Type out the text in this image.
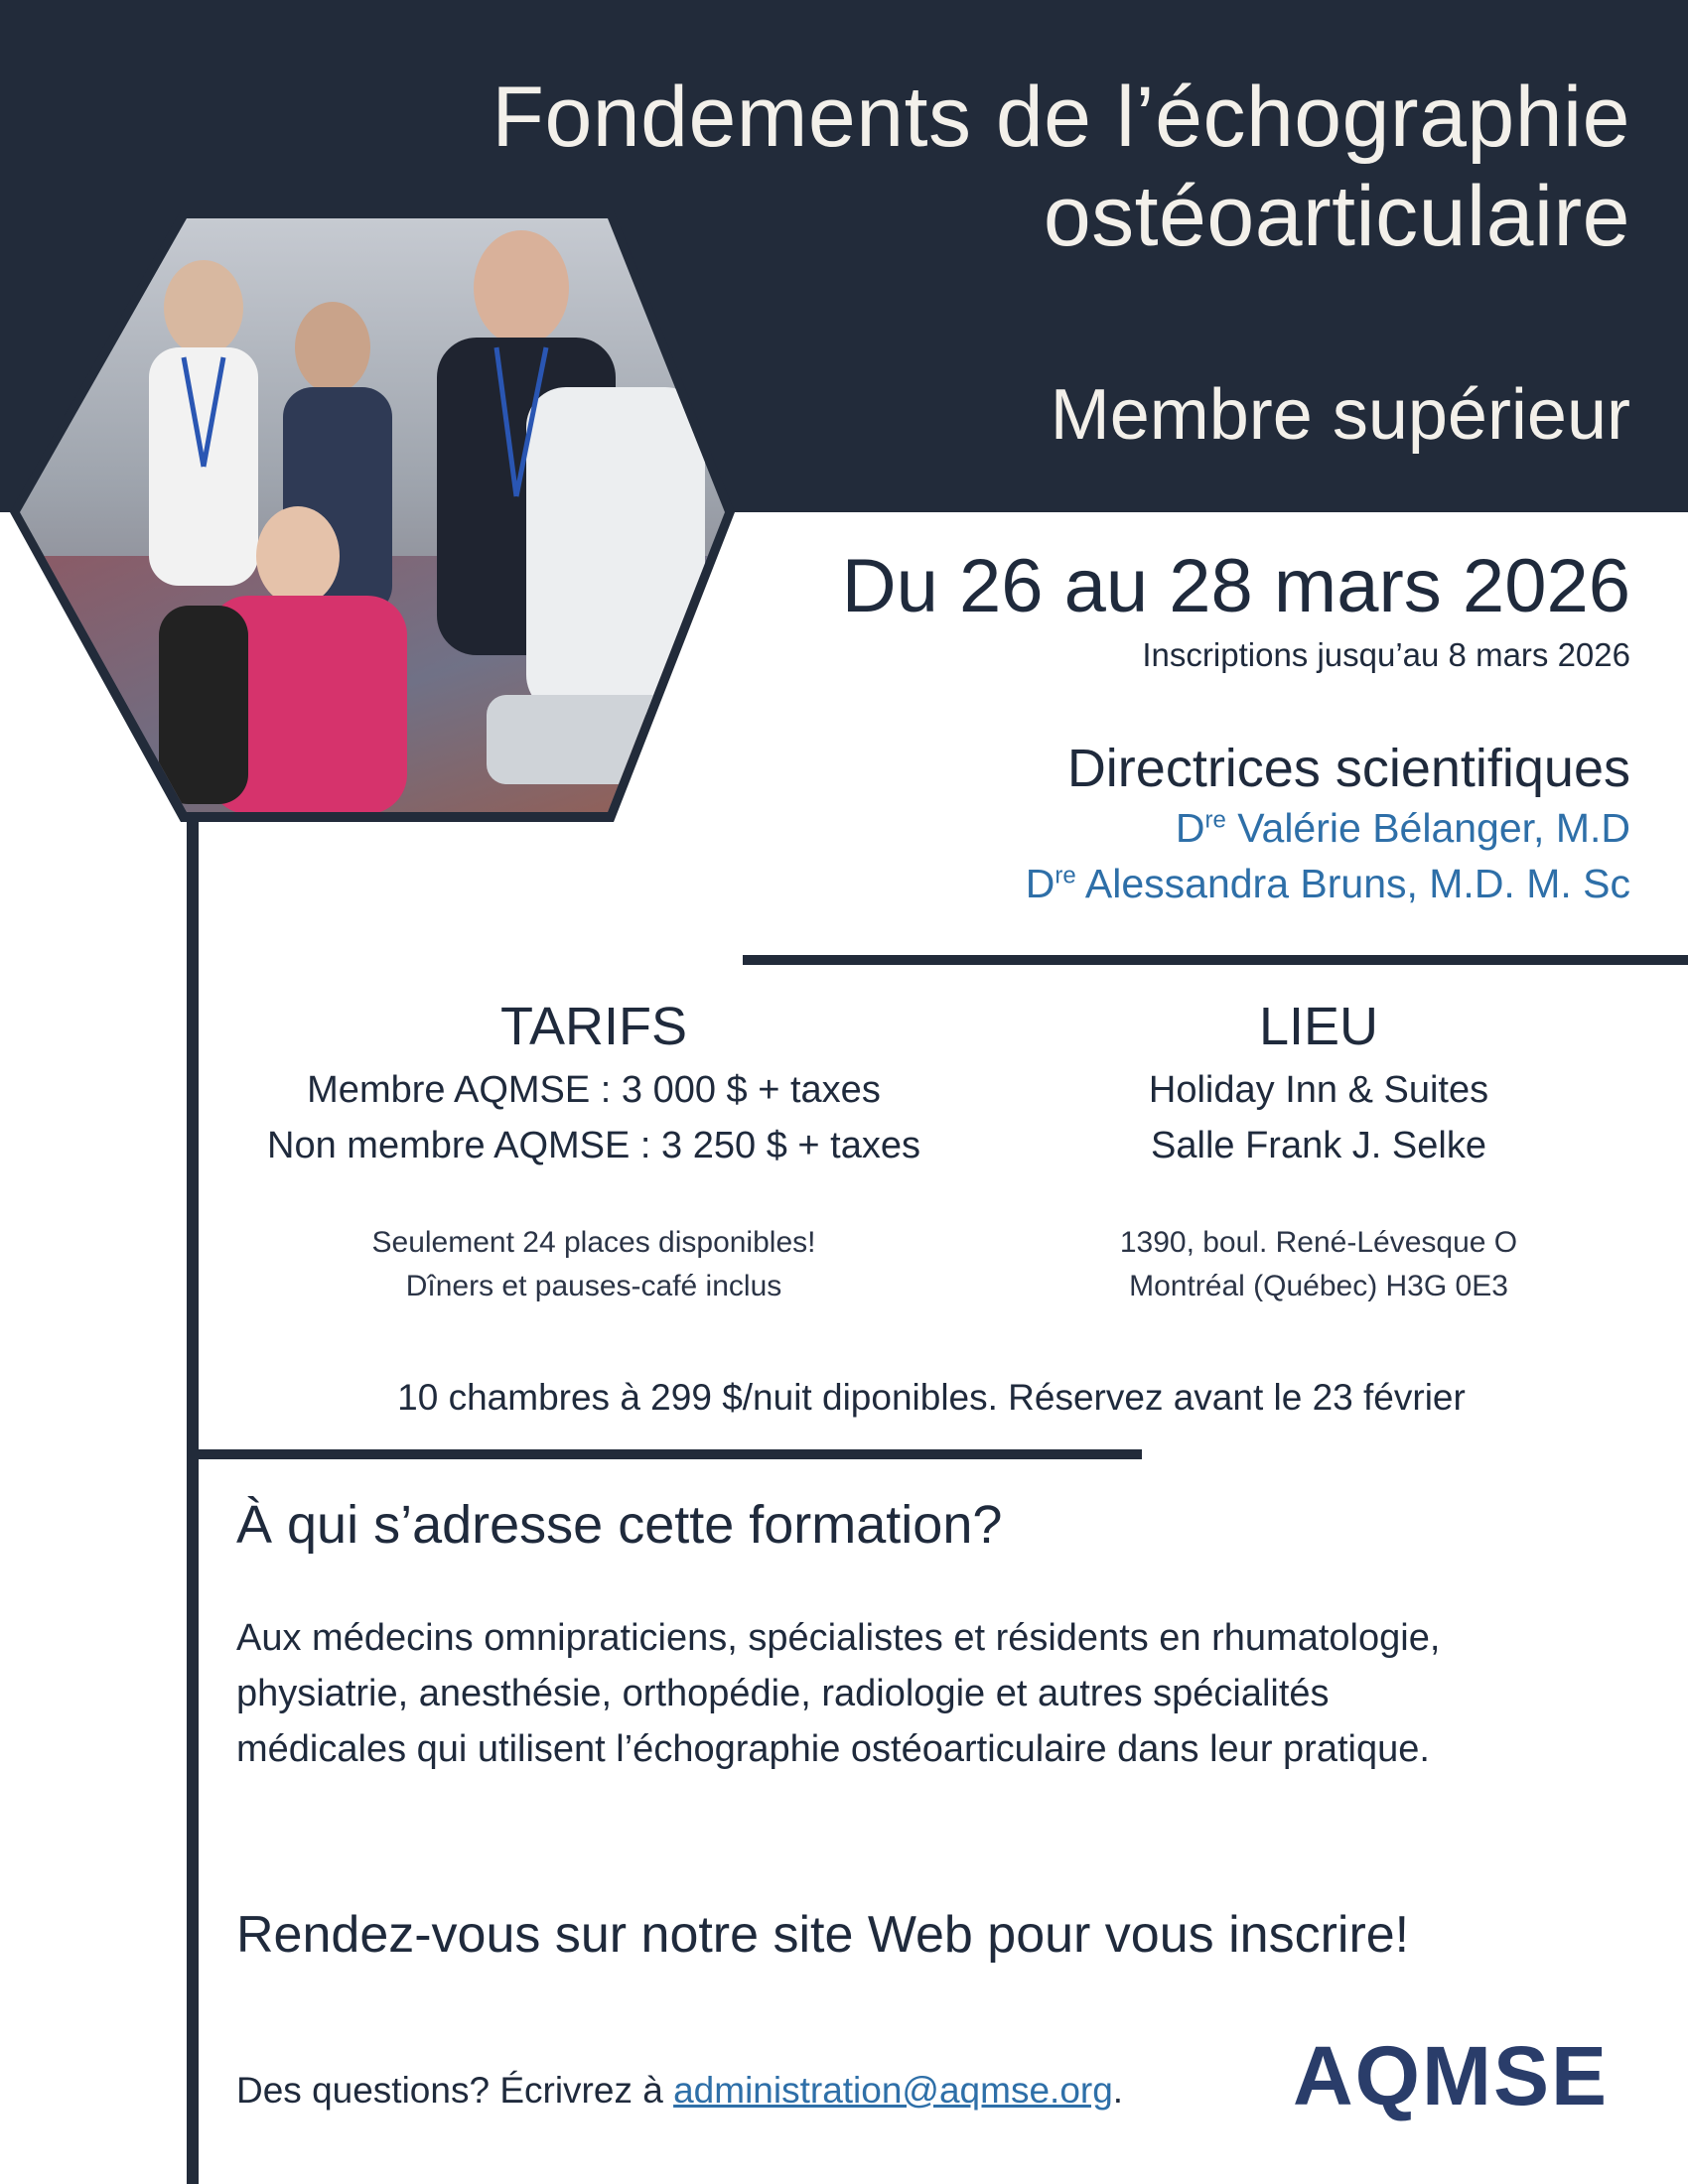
Fondements de l’échographie
ostéoarticulaire
Membre supérieur
Du 26 au 28 mars 2026
Inscriptions jusqu’au 8 mars 2026
Directrices scientifiques
Dre Valérie Bélanger, M.D
Dre Alessandra Bruns, M.D. M. Sc
TARIFS
Membre AQMSE : 3 000 $ + taxes
Non membre AQMSE : 3 250 $ + taxes
Seulement 24 places disponibles!
Dîners et pauses-café inclus
LIEU
Holiday Inn & Suites
Salle Frank J. Selke
1390, boul. René-Lévesque O
Montréal (Québec) H3G 0E3
10 chambres à 299 $/nuit diponibles. Réservez avant le 23 février
À qui s’adresse cette formation?
Aux médecins omnipraticiens, spécialistes et résidents en rhumatologie,
physiatrie, anesthésie, orthopédie, radiologie et autres spécialités
médicales qui utilisent l’échographie ostéoarticulaire dans leur pratique.
Rendez-vous sur notre site Web pour vous inscrire!
Des questions? Écrivrez à administration@aqmse.org. AQMSE
